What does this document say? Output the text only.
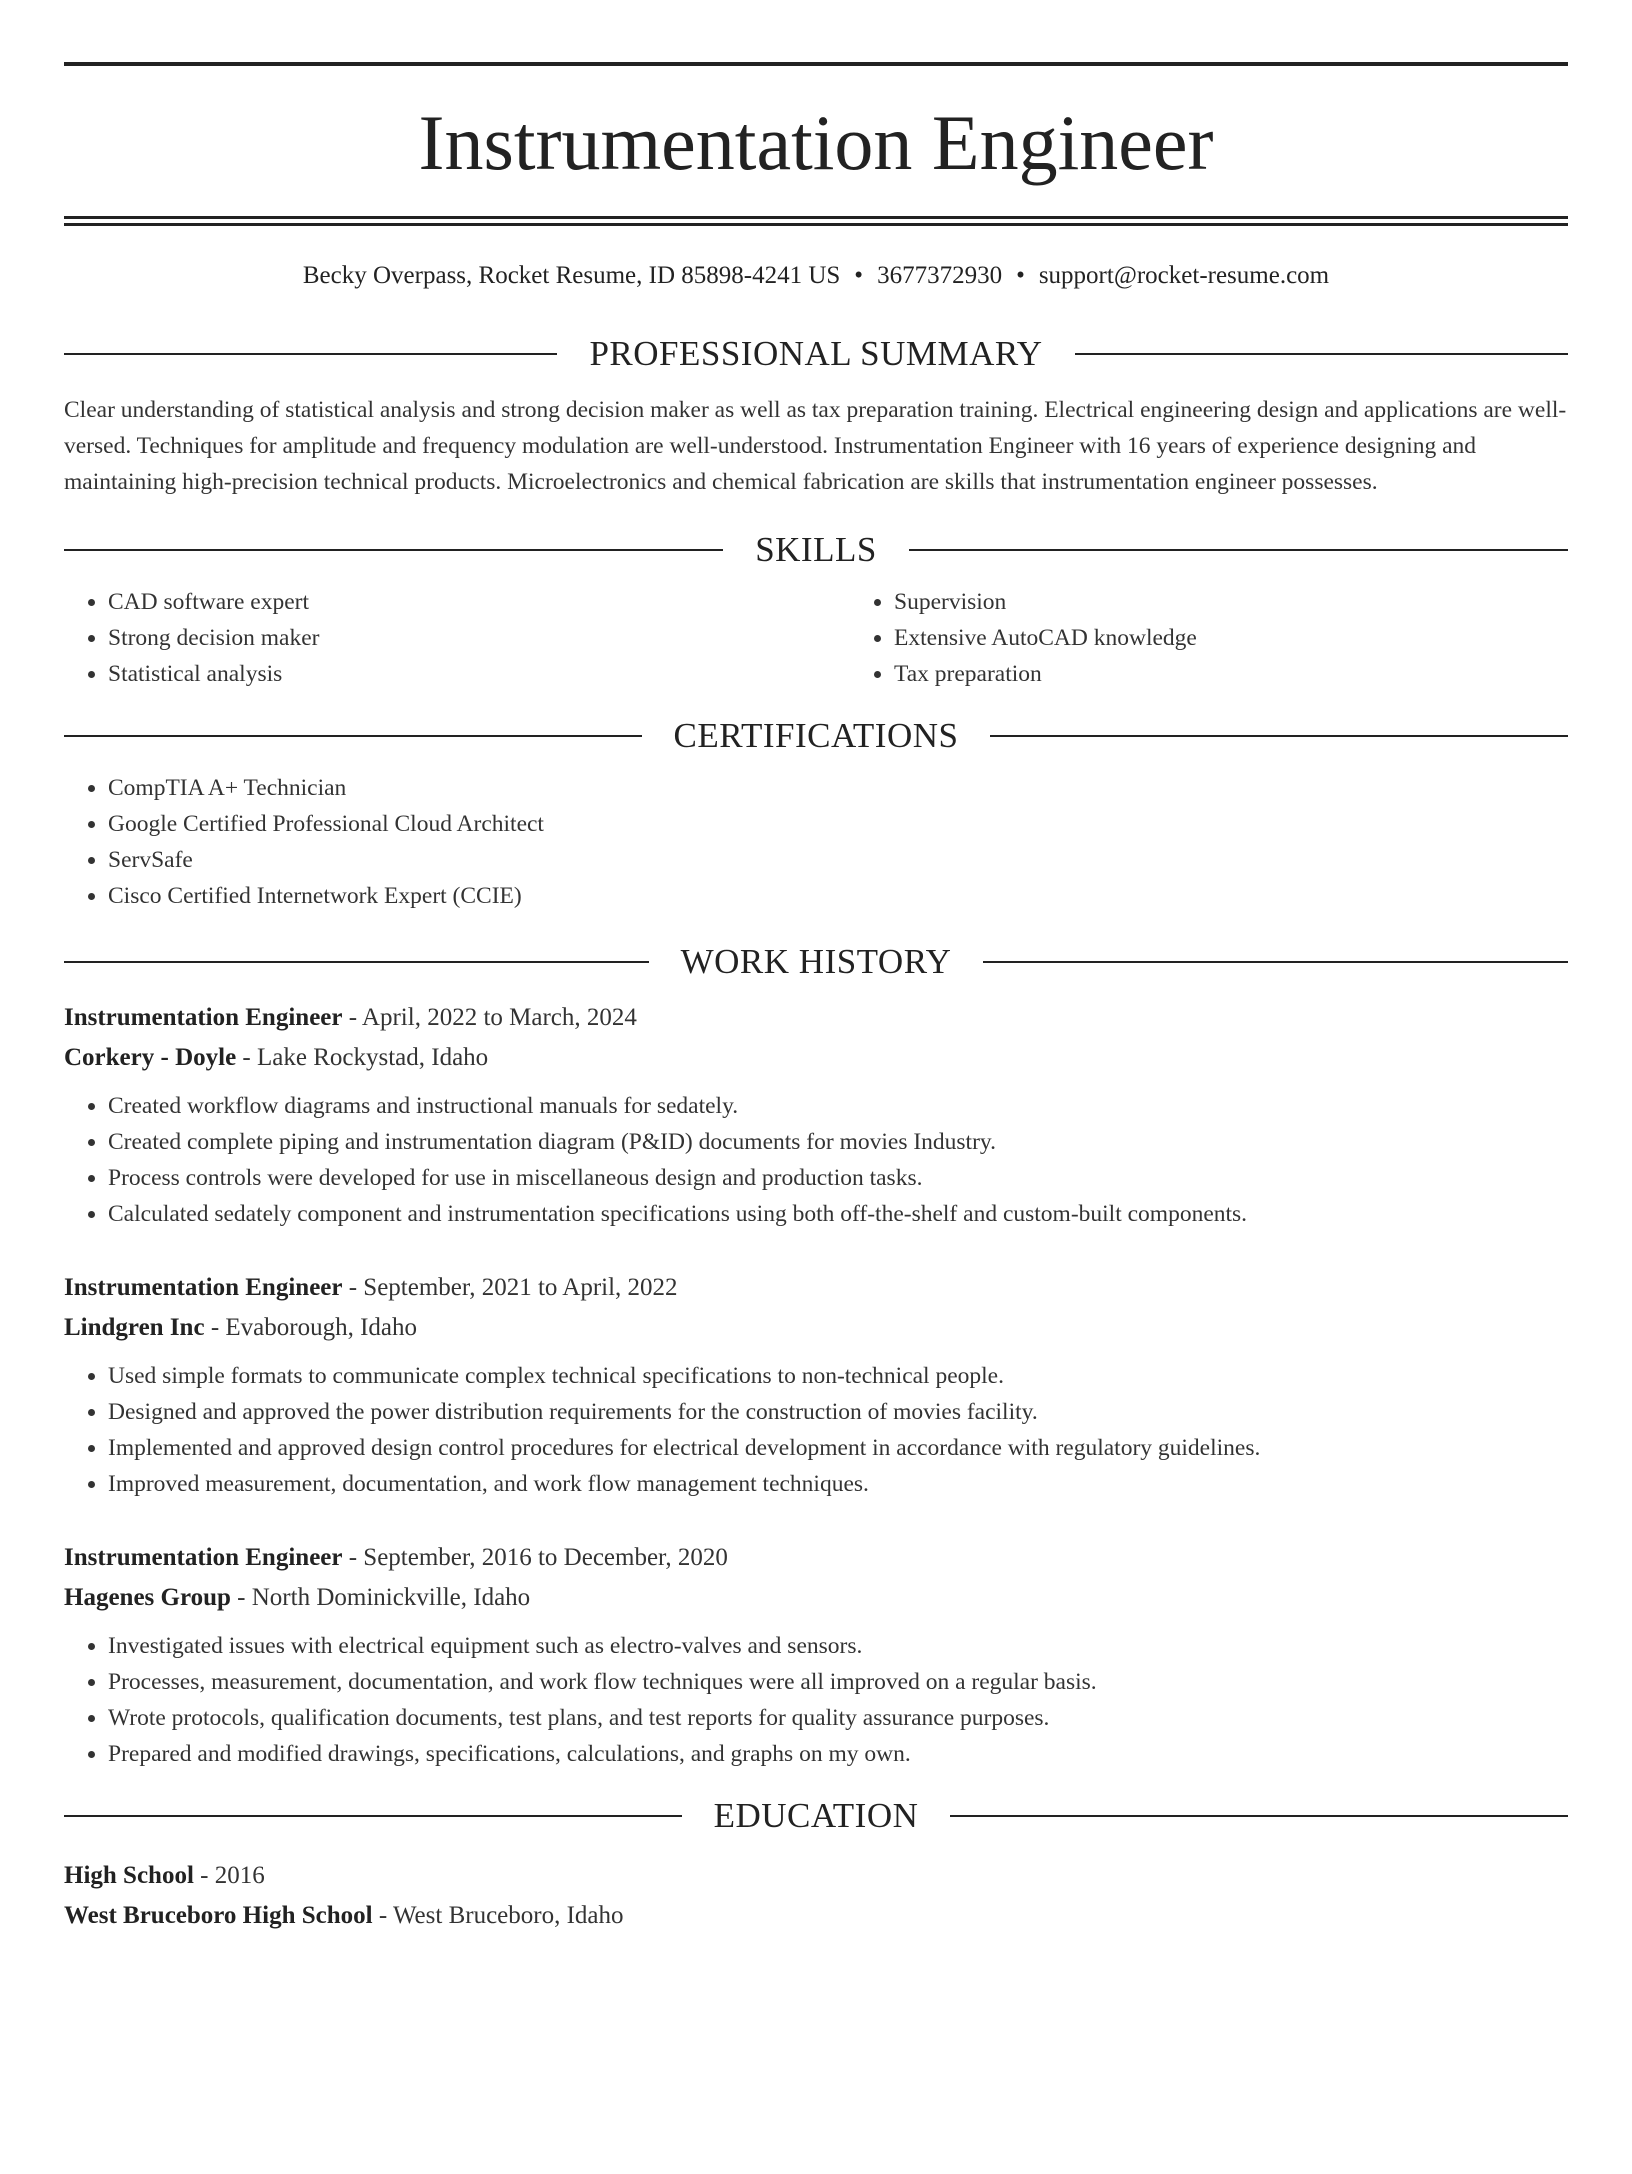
Instrumentation Engineer
Becky Overpass, Rocket Resume, ID 85898-4241 US • 3677372930 • support@rocket-resume.com
PROFESSIONAL SUMMARY
Clear understanding of statistical analysis and strong decision maker as well as tax preparation training. Electrical engineering design and applications are well-versed. Techniques for amplitude and frequency modulation are well-understood. Instrumentation Engineer with 16 years of experience designing and maintaining high-precision technical products. Microelectronics and chemical fabrication are skills that instrumentation engineer possesses.
SKILLS
• CAD software expert
• Strong decision maker
• Statistical analysis
• Supervision
• Extensive AutoCAD knowledge
• Tax preparation
CERTIFICATIONS
• CompTIA A+ Technician
• Google Certified Professional Cloud Architect
• ServSafe
• Cisco Certified Internetwork Expert (CCIE)
WORK HISTORY
Instrumentation Engineer - April, 2022 to March, 2024
Corkery - Doyle - Lake Rockystad, Idaho
• Created workflow diagrams and instructional manuals for sedately.
• Created complete piping and instrumentation diagram (P&ID) documents for movies Industry.
• Process controls were developed for use in miscellaneous design and production tasks.
• Calculated sedately component and instrumentation specifications using both off-the-shelf and custom-built components.
Instrumentation Engineer - September, 2021 to April, 2022
Lindgren Inc - Evaborough, Idaho
• Used simple formats to communicate complex technical specifications to non-technical people.
• Designed and approved the power distribution requirements for the construction of movies facility.
• Implemented and approved design control procedures for electrical development in accordance with regulatory guidelines.
• Improved measurement, documentation, and work flow management techniques.
Instrumentation Engineer - September, 2016 to December, 2020
Hagenes Group - North Dominickville, Idaho
• Investigated issues with electrical equipment such as electro-valves and sensors.
• Processes, measurement, documentation, and work flow techniques were all improved on a regular basis.
• Wrote protocols, qualification documents, test plans, and test reports for quality assurance purposes.
• Prepared and modified drawings, specifications, calculations, and graphs on my own.
EDUCATION
High School - 2016
West Bruceboro High School - West Bruceboro, Idaho
